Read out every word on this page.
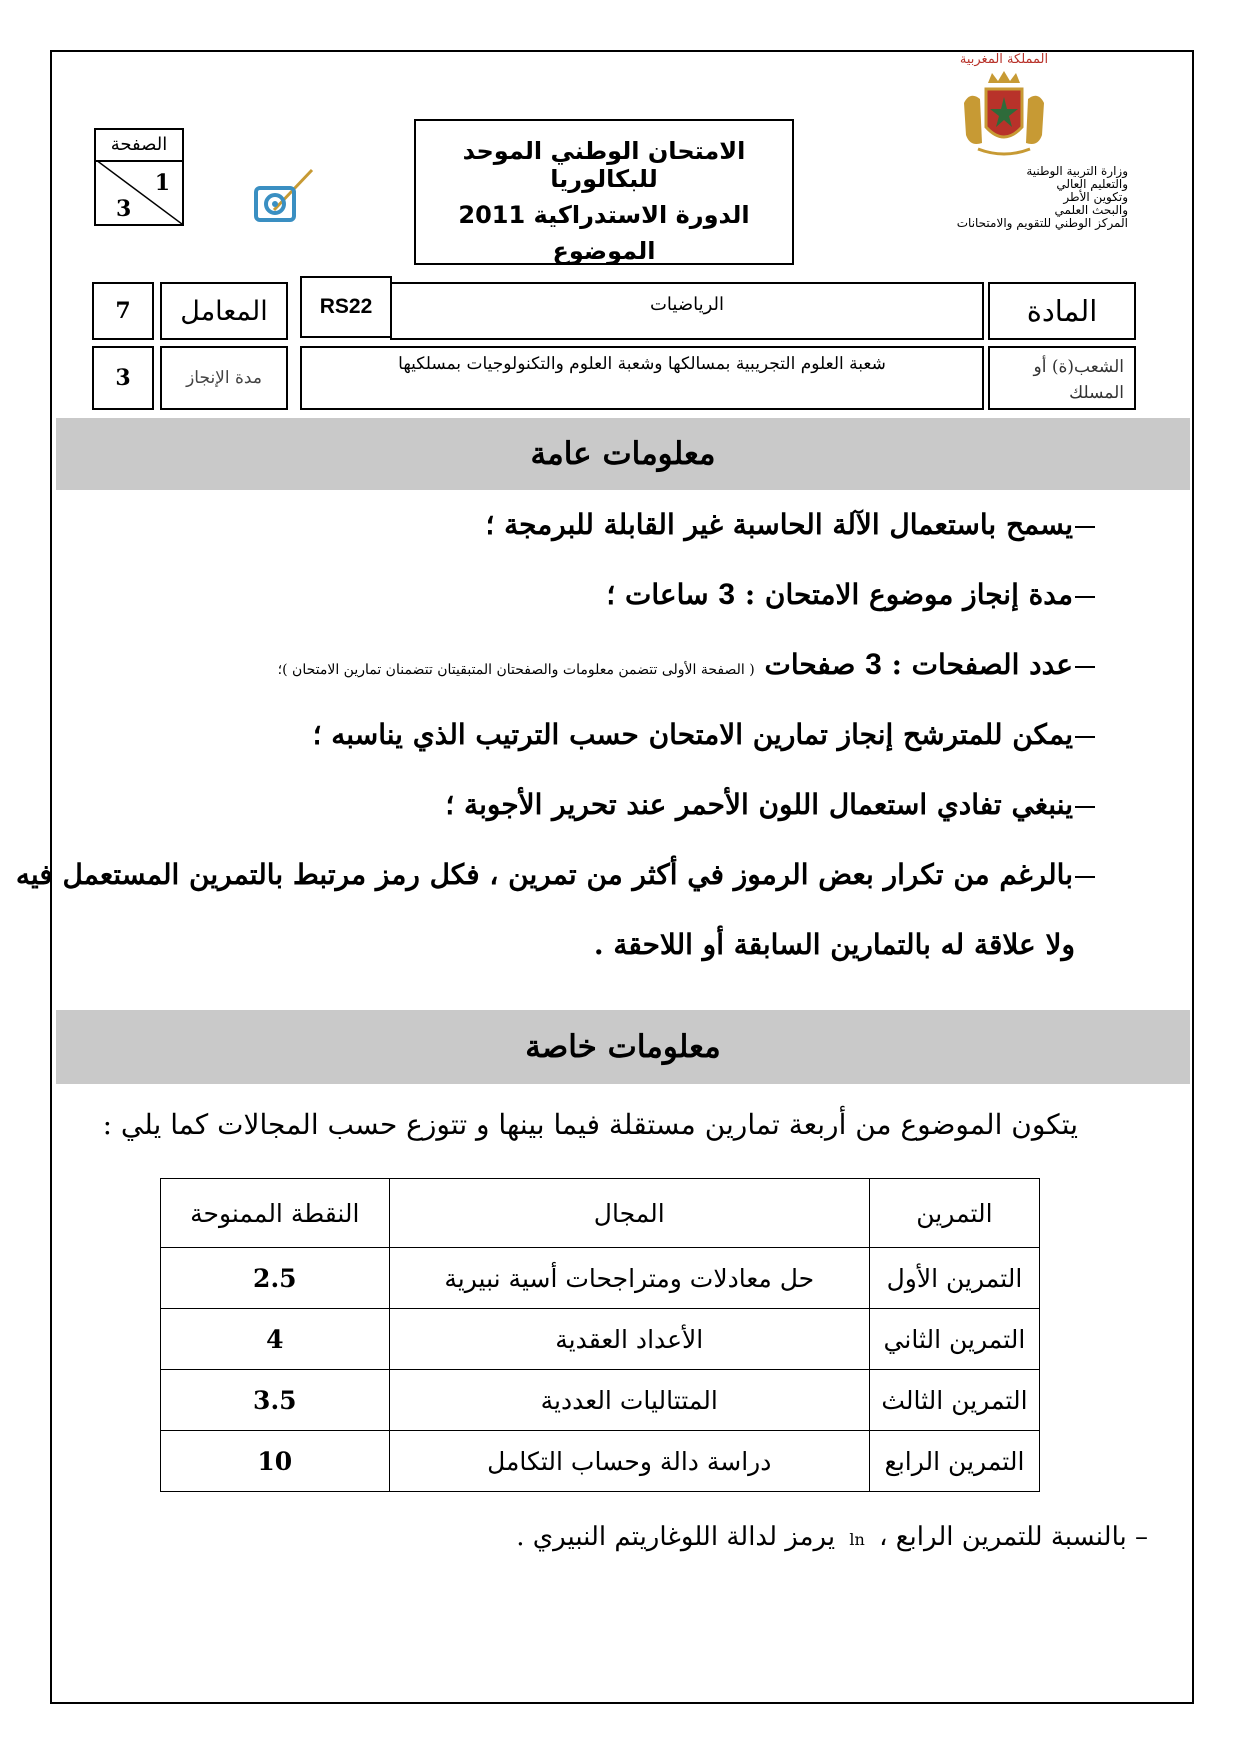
الصفحة
1
3
الامتحان الوطني الموحد للبكالوريا
الدورة الاستدراكية 2011
الموضوع
المملكة المغربية
وزارة التربية الوطنية
والتعليم العالي
وتكوين الأطر
والبحث العلمي
المركز الوطني للتقويم والامتحانات
7	المعامل	RS22	الرياضيات	المادة
3	مدة الإنجاز
شعبة العلوم التجريبية بمسالكها وشعبة العلوم والتكنولوجيات بمسلكيها	الشعب(ة) أو المسلك
معلومات عامة
يسمح باستعمال الآلة الحاسبة غير القابلة للبرمجة ؛
مدة إنجاز موضوع الامتحان : 3 ساعات ؛
عدد الصفحات : 3 صفحات ( الصفحة الأولى تتضمن معلومات والصفحتان المتبقيتان تتضمنان تمارين الامتحان )؛
يمكن للمترشح إنجاز تمارين الامتحان حسب الترتيب الذي يناسبه ؛
ينبغي تفادي استعمال اللون الأحمر عند تحرير الأجوبة ؛
بالرغم من تكرار بعض الرموز في أكثر من تمرين ، فكل رمز مرتبط بالتمرين المستعمل فيه
ولا علاقة له بالتمارين السابقة أو اللاحقة .
معلومات خاصة
يتكون الموضوع من أربعة تمارين مستقلة فيما بينها و تتوزع حسب المجالات كما يلي :
التمرين	المجال	النقطة الممنوحة
التمرين الأول	حل معادلات ومتراجحات أسية نبيرية	2.5
التمرين الثاني	الأعداد العقدية	4
التمرين الثالث	المتتاليات العددية	3.5
التمرين الرابع	دراسة دالة وحساب التكامل	10
– بالنسبة للتمرين الرابع ، ln يرمز لدالة اللوغاريتم النبيري .
